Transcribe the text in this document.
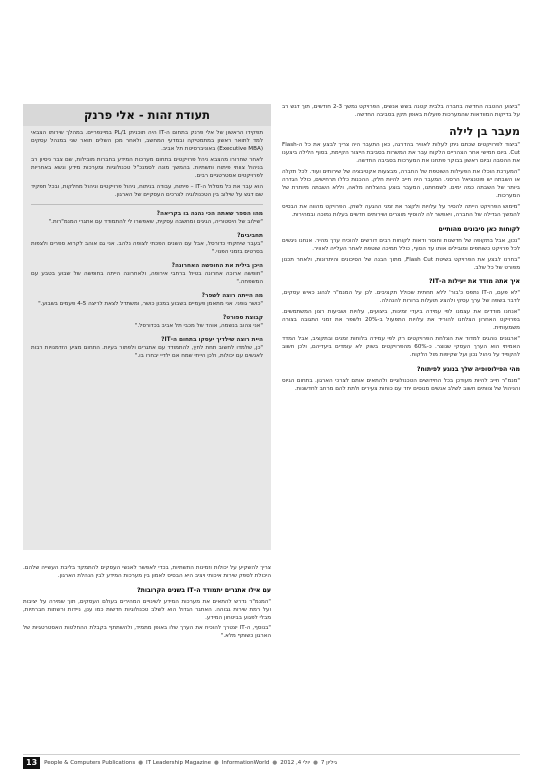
"ביצוע ההטבה החדשה בחברה בלבית קטנה בשש אנשים, הפרויקט נמשך 2-3 חודשים, תוך דגש רב על בדיקות המוודאות שהמערכות פועלות באופן תקין בסביבה החדשה.

מעבר בן לילה

"ביצוד לפרויקטים שכתם ניתן לעלות לאוויר בהדרגה, כאן התעבר היה צריך לבצע את כל ה-Flash Cut. ביום חמישי אחר הצהריים הלקוח עבר את המשרות בסביבת הייצור הקיימת, בסוף הלילה ביצענו את ההסבה וביום ראשון בבוקר פתחנו את המערכות בסביבה החדשה.

"המערכת הוכלו את הפעילות השוטפת של החברה, מבצעות אקטיבציה של שירותים ועוד. לכל תקלה או השבתה יש פוטנציאל הרסני. המעבר היה חייב להיות חלק. ההכנות כללו תרחישים, כולל הגדרה ביותר של השבתה כמה ימים. לשמחתנו, המעבר בוצע בהצלחה מלאה, וללא השבתה מיותרת של המערכות.

"מימוש הפרויקט הייתה להסיר על עלויות ולקצר את זמני ההגעה לשוק. הפרויקט מהווה את הבסיס להמשך הגדילה של החברה, ויאפשר לה להוסיף מוצרים ושירותים חדשים בעלות נמוכה ובמהירות.

לקוחות כאן סיבונים מהותיים

"נכון, אבל בתקופה של חדשנות וחוסר ודאות לקוחות רבים דורשים להוכיח ערך מהיר. אנחנו ניגשים לכל פרויקט כשותפים ומובילים אותו עד הסוף, כולל תמיכה שוטפת לאחר העלייה לאוויר.

"בחרנו לבצע את הפרויקט בשיטת Flash Cut, מתוך הבנה של הסיכונים והיתרונות, ולאחר תכנון מפורט של כל שלב.

איך אתה מודד את יעילות ה-IT?

"לא פעם, ה-IT נתפס כ'בור' ללא תחתית שכולל תקציבים. לכן על המנמ"ר לנהוג כאיש עסקים, לדבר בשפה של ערך עסקי ולהציג תועלות ברורות להנהלה.

"אנחנו מודדים את עצמנו לפי עמידה ביעדי זמינות, ביצועים, עלויות ושביעות רצון המשתמשים. בפרויקט האחרון הצלחנו להוריד את עלויות התפעול ב-20% ולשפר את זמני התגובה בצורה משמעותית.

"ארגונים נוהגים למדוד את הצלחת הפרויקטים רק לפי עמידה בלוחות זמנים ובתקציב, אבל המדד האמיתי הוא הערך העסקי שנוצר. כ-60% מהפרויקטים בשוק לא עומדים ביעדיהם, ולכן חשוב להקפיד על ניהול נכון ועל שקיפות מול הלקוח.

מהי הפילוסופיה שלך בנוגע לפיתוח?

"מנמ"ר חייב להיות מעודכן בכל החידושים הטכנולוגיים ולהתאים אותם לצרכי הארגון. בתחום הגיוס והניהול של צוותים חשוב לשלב אנשים מנוסים יחד עם כוחות צעירים ולתת להם מרחב לחדשנות.

תעודת זהות - אלי פרנק

תפקידו הראשון של אלי פרנק בתחום ה-IT היה תוכניתן PL/1 במיינפריים. במהלך שירותו הצבאי למד לתואר ראשון במתמטיקה ובמדעי המחשב, ולאחר מכן השלים תואר שני במנהל עסקים (Executive MBA) באוניברסיטת תל אביב.

לאחר שחרורו מהצבא ניהל פרויקטים בתחום מערכות המידע בחברות מובילות, שם צבר ניסיון רב בניהול צוותי פיתוח ותשתיות. בהמשך מונה לסמנכ"ל טכנולוגיות ומערכות מידע ונשא באחריות לפרויקטים אסטרטגיים רבים.

הוא עבר את כל מסלול ה-IT – פיתוח, עבודה בניתוח, ניהול פרויקטים וניהול מחלקות, ובכל תפקיד שם דגש על שילוב בין הטכנולוגיה לצרכים העסקיים של הארגון.

מהו הספר שאתה הכי נהנה בו בקריאה?
"שילוב של היסטוריה, הגיגים ומחשבה עסקית, שאפשרו לי להתמודד עם אתגרי המנמ"רות."
תחביבים?
"בעבר שיחקתי כדורסל, אבל עם השנים הפכתי לצופה נלהב. אני גם אוהב לקרוא ספרים ולצפות בסרטים בזמני הפנוי."
היכן בילית את החופשה האחרונה?
"חופשה ארוכה אחרונה בטיול ברחבי אירופה, ולאחרונה הייתה בחופשה של שבוע בטבע עם המשפחה."
מה הייתה רוצה לשפר?
"כושר גופני. אני מתאמן פעמיים בשבוע במכון כושר, ומשתדל לצאת לריצה 4-5 פעמים בשבוע."
קבוצת ספורט?
"אני צהוב בנשמה, אוהד של מכבי תל אביב בכדורסל."
היית רוצה שילדיך יעסקו בתחום ה-IT?
"כן, שלמדו לחשוב תחת לחץ, להתמודד עם אתגרים ולפתור בעיות. התחום מציע הזדמנויות רבות לאנשים עם יכולות, ולכן הייתי שמח אם ילדיי יבחרו בו."

צריך להשקיע על יכולות וזמינות התשתיות, בכדי לאפשר לאנשי העסקים להתמקד בליבת העשייה שלהם. היכולת לספק שירות איכותי ויציב היא הבסיס לאמון בין מערכות המידע לבין הנהלת הארגון.

עם אילו אתגרים יתמודד ה-IT בשנים הקרובות?

"המנמ"ר נדרש להתאים את מערכות המידע לשינויים המהירים בעולם העסקים, תוך שמירה על יציבות ועל רמת שירות גבוהה. האתגר הגדול הוא לשלב טכנולוגיות חדשות כמו ענן, ניידות ורשתות חברתיות, מבלי לפגוע בביטחון המידע.

"בנוסף, ה-IT יצטרך להוכיח את הערך שלו באופן מתמיד, ולהשתתף בקבלת ההחלטות האסטרטגיות של הארגון כשותף מלא."

13	People & Computers Publications ● IT Leadership Magazine ● InformationWorld ● 2012 ,יולי 4 ● גיליון 7
